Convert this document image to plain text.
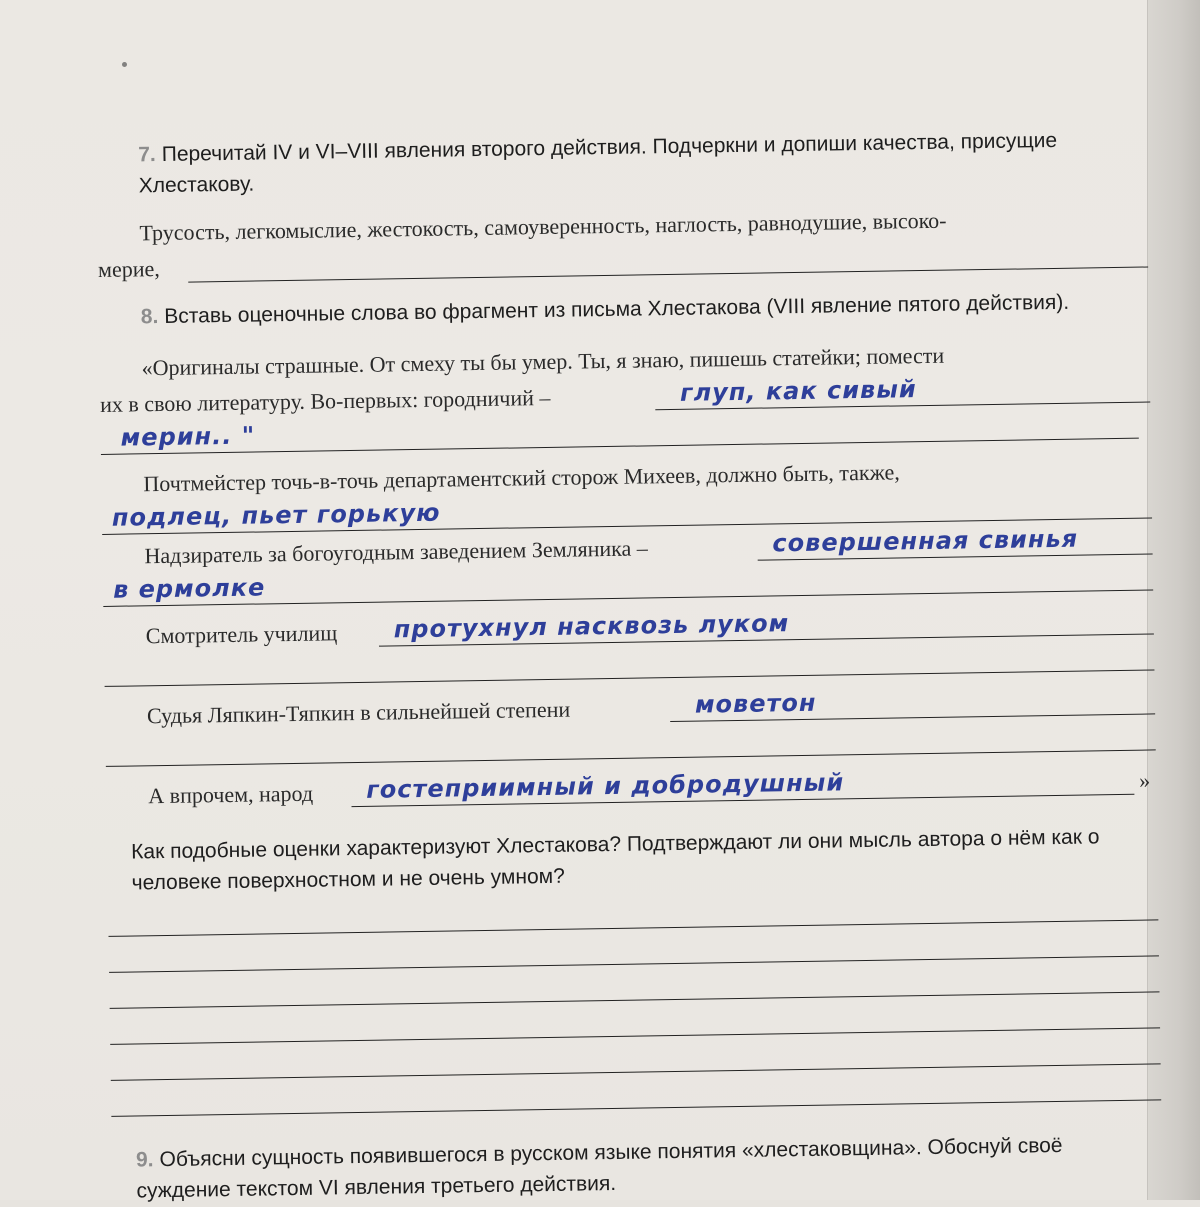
7. Перечитай IV и VI–VIII явления второго действия. Подчеркни и допиши качества, присущие Хлестакову.
Трусость, легкомыслие, жестокость, самоуверенность, наглость, равнодушие, высоко-
мерие,
8. Вставь оценочные слова во фрагмент из письма Хлестакова (VIII явление пятого действия).
«Оригиналы страшные. От смеху ты бы умер. Ты, я знаю, пишешь статейки; помести
их в свою литературу. Во-первых: городничий –	глуп, как сивый
мерин.. "
Почтмейстер точь-в-точь департаментский сторож Михеев, должно быть, также,
подлец, пьет горькую
Надзиратель за богоугодным заведением Земляника –	совершенная свинья
в ермолке
Смотритель училищ протухнул насквозь луком
Судья Ляпкин-Тяпкин в сильнейшей степени	моветон
А впрочем, народ гостеприимный и добродушный	»
Как подобные оценки характеризуют Хлестакова? Подтверждают ли они мысль автора о нём как о человеке поверхностном и не очень умном?
9. Объясни сущность появившегося в русском языке понятия «хлестаковщина». Обоснуй своё суждение текстом VI явления третьего действия.
